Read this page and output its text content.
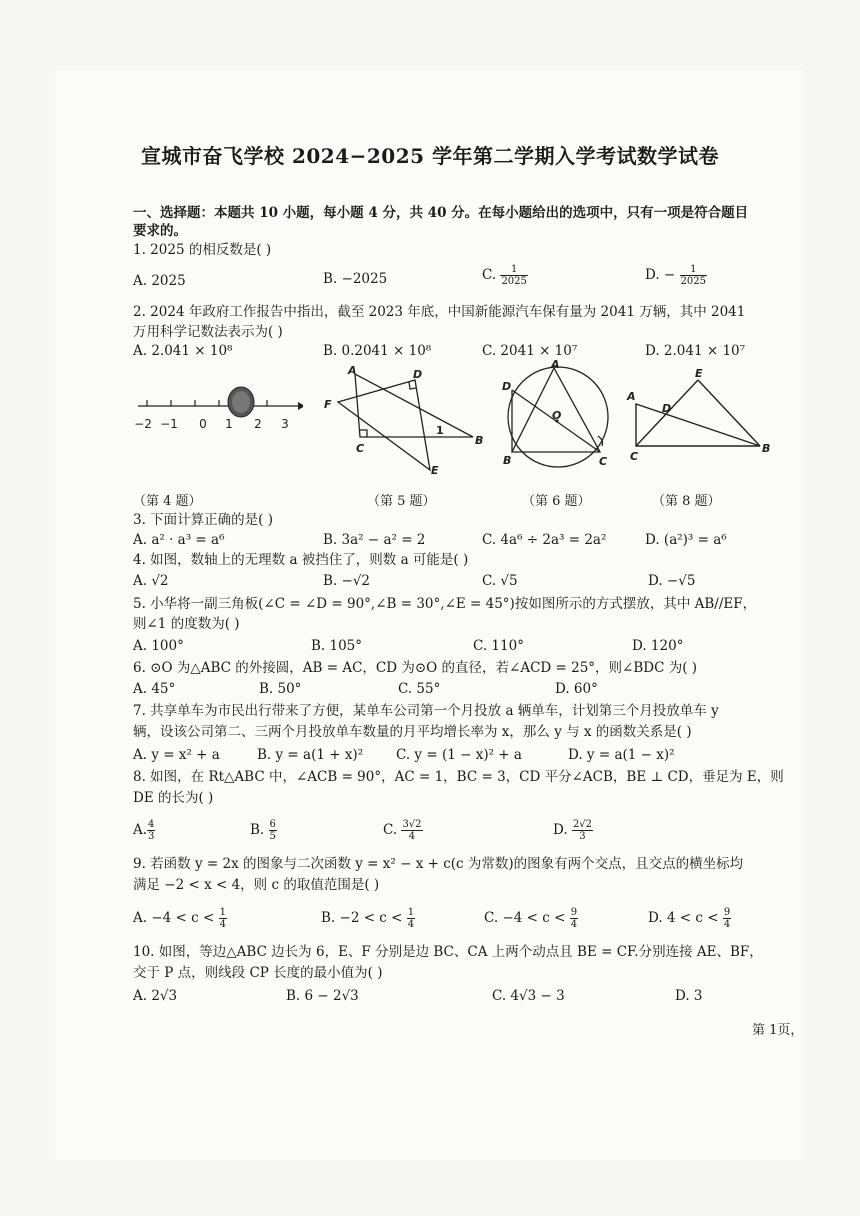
宣城市奋飞学校 2024−2025 学年第二学期入学考试数学试卷
一、选择题：本题共 10 小题，每小题 4 分，共 40 分。在每小题给出的选项中，只有一项是符合题目
要求的。
1. 2025 的相反数是( )
A. 2025	B. −2025	C. $\frac{1}{2025}$	D. − $\frac{1}{2025}$
2. 2024 年政府工作报告中指出，截至 2023 年底，中国新能源汽车保有量为 2041 万辆，其中 2041
万用科学记数法表示为( )
A. 2.041 × 10⁸	B. 0.2041 × 10⁸	C. 2041 × 10⁷	D. 2.041 × 10⁷
−2 −1 0 1 2 3
A	D
F
C
B
E
1
A
D
O
B	C
A
D
E
C
B
（第 4 题）	（第 5 题）	（第 6 题）	（第 8 题）
3. 下面计算正确的是( )
A. a² · a³ = a⁶	B. 3a² − a² = 2	C. 4a⁶ ÷ 2a³ = 2a²	D. (a²)³ = a⁶
4. 如图，数轴上的无理数 a 被挡住了，则数 a 可能是( )
A. √2	B. −√2	C. √5	D. −√5
5. 小华将一副三角板(∠C = ∠D = 90°,∠B = 30°,∠E = 45°)按如图所示的方式摆放，其中 AB//EF，
则∠1 的度数为( )
A. 100°	B. 105°	C. 110°	D. 120°
6. ⊙O 为△ABC 的外接圆，AB = AC，CD 为⊙O 的直径，若∠ACD = 25°，则∠BDC 为( )
A. 45°	B. 50°	C. 55°	D. 60°
7. 共享单车为市民出行带来了方便，某单车公司第一个月投放 a 辆单车，计划第三个月投放单车 y
辆，设该公司第二、三两个月投放单车数量的月平均增长率为 x，那么 y 与 x 的函数关系是( )
A. y = x² + a	B. y = a(1 + x)² C. y = (1 − x)² + a	D. y = a(1 − x)²
8. 如图，在 Rt△ABC 中，∠ACB = 90°，AC = 1，BC = 3，CD 平分∠ACB，BE ⊥ CD，垂足为 E，则
DE 的长为( )
A. $\frac{4}{3}$	B. $\frac{6}{5}$	C. $\frac{3√2}{4}$	D. $\frac{2√2}{3}$
9. 若函数 y = 2x 的图象与二次函数 y = x² − x + c(c 为常数)的图象有两个交点，且交点的横坐标均
满足 −2 < x < 4，则 c 的取值范围是( )
A. $-4 < c < \frac{1}{4}$	B. $-2 < c < \frac{1}{4}$	C. $-4 < c < \frac{9}{4}$	D. $4 < c < \frac{9}{4}$
10. 如图，等边△ABC 边长为 6，E、F 分别是边 BC、CA 上两个动点且 BE = CF.分别连接 AE、BF，
交于 P 点，则线段 CP 长度的最小值为( )
A. 2√3	B. 6 − 2√3	C. 4√3 − 3	D. 3
第 1页，
